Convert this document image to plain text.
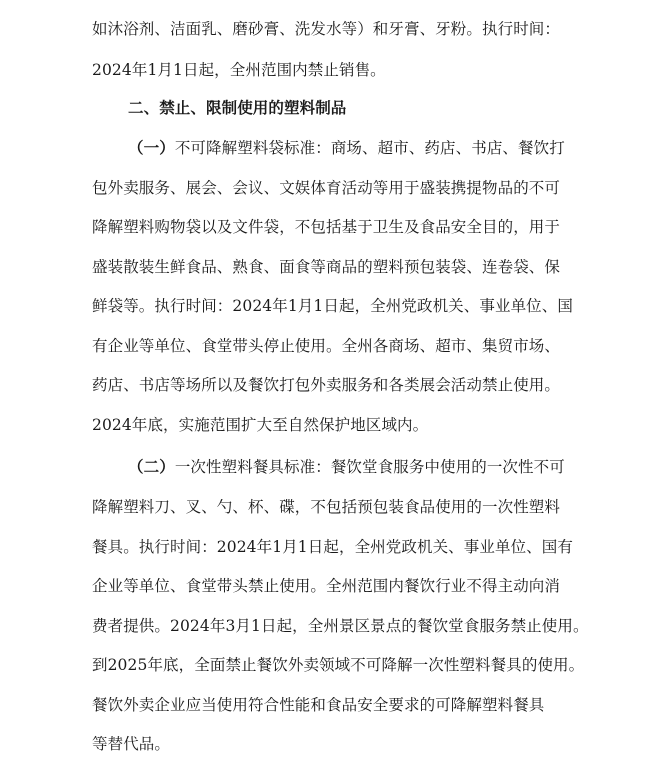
如沐浴剂、洁面乳、磨砂膏、洗发水等）和牙膏、牙粉。执行时间：
2024年1月1日起，全州范围内禁止销售。
二、禁止、限制使用的塑料制品
（一）不可降解塑料袋标准：商场、超市、药店、书店、餐饮打
包外卖服务、展会、会议、文娱体育活动等用于盛装携提物品的不可
降解塑料购物袋以及文件袋，不包括基于卫生及食品安全目的，用于
盛装散装生鲜食品、熟食、面食等商品的塑料预包装袋、连卷袋、保
鲜袋等。执行时间：2024年1月1日起，全州党政机关、事业单位、国
有企业等单位、食堂带头停止使用。全州各商场、超市、集贸市场、
药店、书店等场所以及餐饮打包外卖服务和各类展会活动禁止使用。
2024年底，实施范围扩大至自然保护地区域内。
（二）一次性塑料餐具标准：餐饮堂食服务中使用的一次性不可
降解塑料刀、叉、勺、杯、碟，不包括预包装食品使用的一次性塑料
餐具。执行时间：2024年1月1日起，全州党政机关、事业单位、国有
企业等单位、食堂带头禁止使用。全州范围内餐饮行业不得主动向消
费者提供。2024年3月1日起，全州景区景点的餐饮堂食服务禁止使用。
到2025年底，全面禁止餐饮外卖领域不可降解一次性塑料餐具的使用。
餐饮外卖企业应当使用符合性能和食品安全要求的可降解塑料餐具
等替代品。
